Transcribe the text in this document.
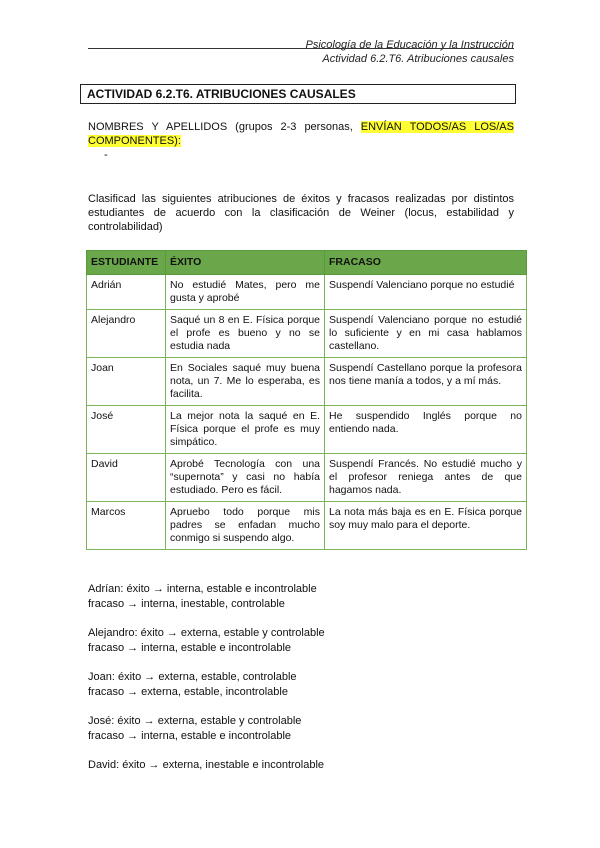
Psicología de la Educación y la Instrucción
Actividad 6.2.T6. Atribuciones causales
ACTIVIDAD 6.2.T6. ATRIBUCIONES CAUSALES
NOMBRES Y APELLIDOS (grupos 2-3 personas, ENVÍAN TODOS/AS LOS/AS COMPONENTES):
-
Clasificad las siguientes atribuciones de éxitos y fracasos realizadas por distintos estudiantes de acuerdo con la clasificación de Weiner (locus, estabilidad y controlabilidad)
ESTUDIANTE	ÉXITO	FRACASO
Adrián	No estudié Mates, pero me gusta y aprobé	Suspendí Valenciano porque no estudié
Alejandro	Saqué un 8 en E. Física porque el profe es bueno y no se estudia nada	Suspendí Valenciano porque no estudié lo suficiente y en mi casa hablamos castellano.
Joan	En Sociales saqué muy buena nota, un 7. Me lo esperaba, es facilita.	Suspendí Castellano porque la profesora nos tiene manía a todos, y a mí más.
José	La mejor nota la saqué en E. Física porque el profe es muy simpático.	He suspendido Inglés porque no entiendo nada.
David	Aprobé Tecnología con una “supernota” y casi no había estudiado. Pero es fácil.	Suspendí Francés. No estudié mucho y el profesor reniega antes de que hagamos nada.
Marcos	Apruebo todo porque mis padres se enfadan mucho conmigo si suspendo algo.	La nota más baja es en E. Física porque soy muy malo para el deporte.
Adrían: éxito → interna, estable e incontrolable
fracaso → interna, inestable, controlable
Alejandro: éxito → externa, estable y controlable
fracaso → interna, estable e incontrolable
Joan: éxito → externa, estable, controlable
fracaso → externa, estable, incontrolable
José: éxito → externa, estable y controlable
fracaso → interna, estable e incontrolable
David: éxito → externa, inestable e incontrolable
